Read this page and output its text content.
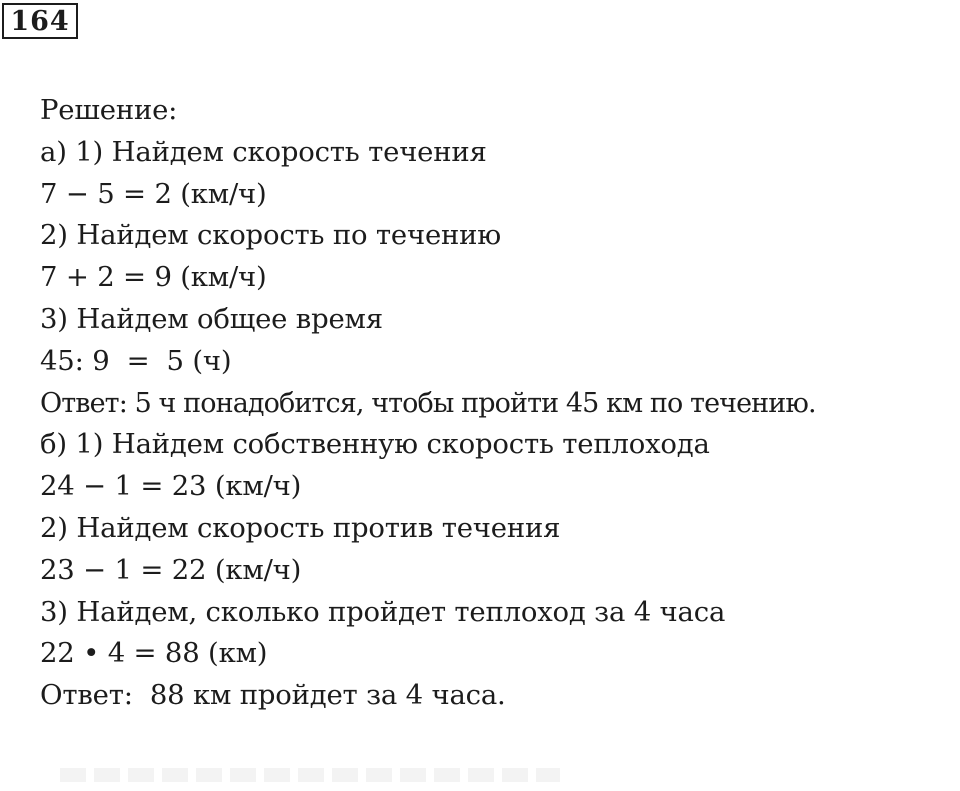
164
Решение:
а) 1) Найдем скорость течения
7 − 5 = 2 (км/ч)
2) Найдем скорость по течению
7 + 2 = 9 (км/ч)
3) Найдем общее время
45: 9  =  5 (ч)
Ответ: 5 ч понадобится, чтобы пройти 45 км по течению.
б) 1) Найдем собственную скорость теплохода
24 − 1 = 23 (км/ч)
2) Найдем скорость против течения
23 − 1 = 22 (км/ч)
3) Найдем, сколько пройдет теплоход за 4 часа
22 • 4 = 88 (км)
Ответ:  88 км пройдет за 4 часа.
